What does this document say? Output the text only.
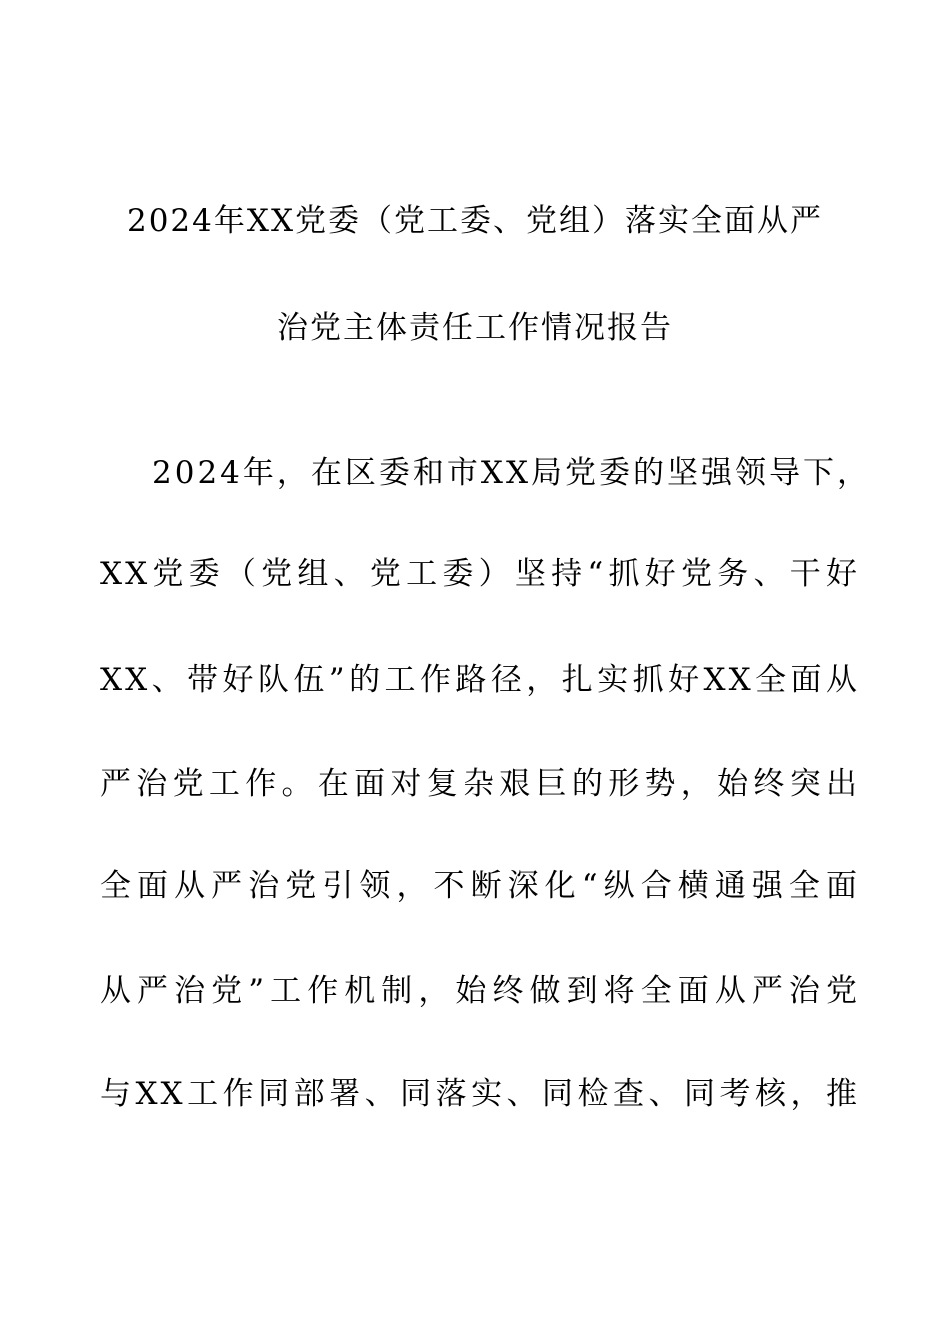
2024年XX党委（党工委、党组）落实全面从严
治党主体责任工作情况报告
2024年，在区委和市XX局党委的坚强领导下，
XX党委（党组、党工委）坚持“抓好党务、干好
XX、带好队伍”的工作路径，扎实抓好XX全面从
严治党工作。在面对复杂艰巨的形势，始终突出
全面从严治党引领，不断深化“纵合横通强全面
从严治党”工作机制，始终做到将全面从严治党
与XX工作同部署、同落实、同检查、同考核，推
